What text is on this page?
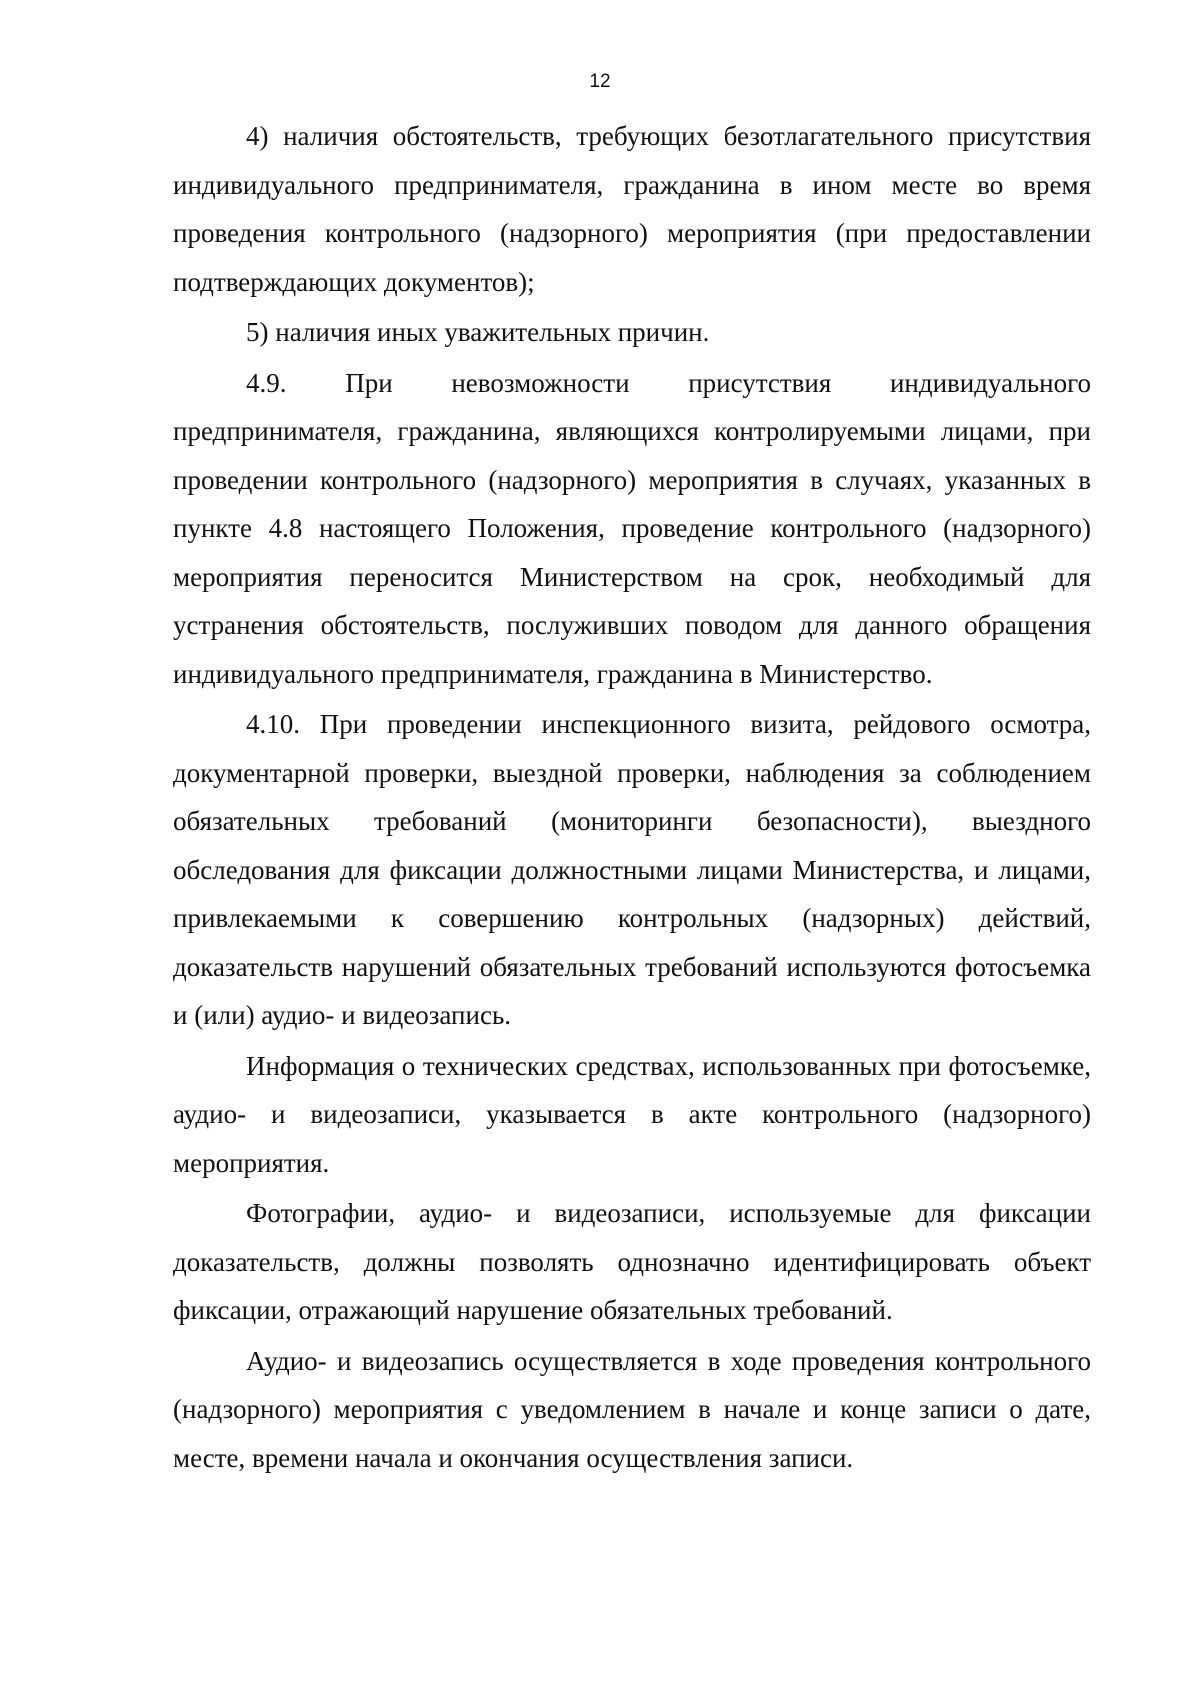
12

4) наличия обстоятельств, требующих безотлагательного присутствия индивидуального предпринимателя, гражданина в ином месте во время проведения контрольного (надзорного) мероприятия (при предоставлении подтверждающих документов);

5) наличия иных уважительных причин.

4.9. При невозможности присутствия индивидуального предпринимателя, гражданина, являющихся контролируемыми лицами, при проведении контрольного (надзорного) мероприятия в случаях, указанных в пункте 4.8 настоящего Положения, проведение контрольного (надзорного) мероприятия переносится Министерством на срок, необходимый для устранения обстоятельств, послуживших поводом для данного обращения индивидуального предпринимателя, гражданина в Министерство.

4.10. При проведении инспекционного визита, рейдового осмотра, документарной проверки, выездной проверки, наблюдения за соблюдением обязательных требований (мониторинги безопасности), выездного обследования для фиксации должностными лицами Министерства, и лицами, привлекаемыми к совершению контрольных (надзорных) действий, доказательств нарушений обязательных требований используются фотосъемка и (или) аудио- и видеозапись.

Информация о технических средствах, использованных при фотосъемке, аудио- и видеозаписи, указывается в акте контрольного (надзорного) мероприятия.

Фотографии, аудио- и видеозаписи, используемые для фиксации доказательств, должны позволять однозначно идентифицировать объект фиксации, отражающий нарушение обязательных требований.

Аудио- и видеозапись осуществляется в ходе проведения контрольного (надзорного) мероприятия с уведомлением в начале и конце записи о дате, месте, времени начала и окончания осуществления записи.
